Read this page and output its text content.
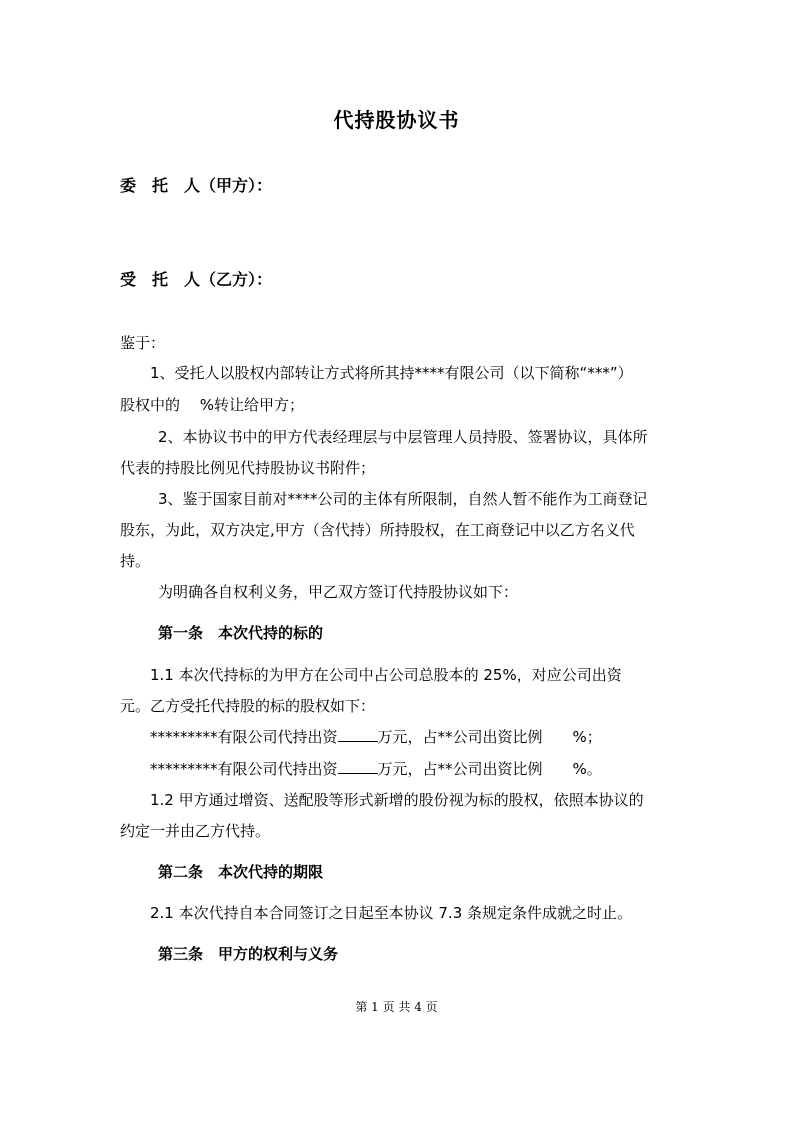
代持股协议书
委　托　人（甲方）：
受　托　人（乙方）：
鉴于：
1、受托人以股权内部转让方式将所其持****有限公司（以下简称“***”）
股权中的　 %转让给甲方；
2、本协议书中的甲方代表经理层与中层管理人员持股、签署协议，具体所
代表的持股比例见代持股协议书附件；
3、鉴于国家目前对****公司的主体有所限制，自然人暂不能作为工商登记
股东，为此，双方决定,甲方（含代持）所持股权，在工商登记中以乙方名义代
持。
为明确各自权利义务，甲乙双方签订代持股协议如下：
第一条　本次代持的标的
1.1 本次代持标的为甲方在公司中占公司总股本的 25%，对应公司出资
元。乙方受托代持股的标的股权如下：
*********有限公司代持出资	万元，占**公司出资比例　　%；
*********有限公司代持出资	万元，占**公司出资比例　　%。
1.2 甲方通过增资、送配股等形式新增的股份视为标的股权，依照本协议的
约定一并由乙方代持。
第二条　本次代持的期限
2.1 本次代持自本合同签订之日起至本协议 7.3 条规定条件成就之时止。
第三条　甲方的权利与义务
第 1 页 共 4 页
